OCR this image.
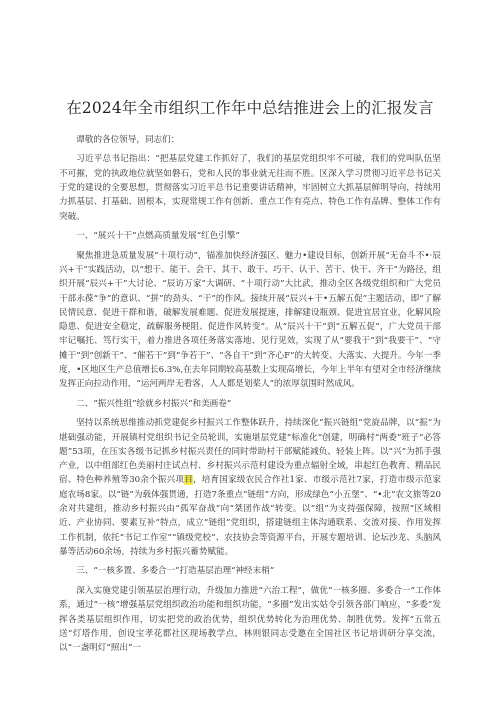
在2024年全市组织工作年中总结推进会上的汇报发言

谭敬的各位领导，同志们：

习近平总书记指出：“把基层党建工作抓好了，我们的基层党组织牢不可破，我们的党叫队伍坚不可摧，党的执政地位就坚如磐石，党和人民的事业就无往而不胜。区深入学习贯彻习近平总书记关于党的建设的全要思想，贯彻落实习近平总书记重要讲话精神，牢固树立大抓基层鲜明导向，持续用力抓基层、打基础、固根本，实现常规工作有创新、重点工作有亮点、特色工作有品牌、整体工作有突破。

一、“展兴十干”点燃高质量发展“红色引擎”

聚焦推进急质量发展“十项行动”，锚准加快经济强区、魅力•建设目标，创新开展“无奋斗不•·辰兴+干”实践活动，以“想干、能干、会干、其干、敢干、巧干、认干、苦干、快干、齐干”为路径，组织开展“辰兴+干”大讨论、“辰访万家”大调研、“十项行动”大比武，推动全区各级党组织和广大党员干部永葆“争”的意识、“拼”的劲头、“干”的作风。接续开展“辰兴+干•五解五促”主题活动，即“了解民情民意、促进干群和谐，破解发展难题、促进发展提速，排解建设瓶颈、促进宜居宜业，化解风险隐患、促进安全稳定，疏解服务梗阻、促进作风转变”。从“辰兴十干”到“五解五促”，广大党员干部牢记嘱托、笃行实干，着力推进各项任务落实落地、见行见效，实现了从“要我干”到“我要干”、“守摊干”到“创新干”、“催若干”到“争若干”、“各自干”到“齐心F”的大转变、大落实、大提升。今年一季度，•区地区生产总值增长6.3%,在去年同期较高基数上实现高增长，今年上半年有望对全市经济继续发挥正向拉动作用，“运河两岸无看客，人人都是划桨人”的浓厚氛围时然成风。

二、“振兴性组”绘就乡村振兴“和美画卷”

坚持以系统思维推动抓党建促乡村振兴工作整体跃升，持续深化“振兴链组”党旋品牌，以“振”为堪础强动能，开展镇村党组织书记全员轮训，实施堪层党建“标准化”创建，明确村“两委”班子“必答题”53项，在压实各级书记抓乡村振兴责任的同时带助村干部赋能减负、轻装上阵。以“兴”为抓手强产业，以中组部红色美丽村庄试点村、乡村振兴示范村建设为重点辐射全域，串起红色教育、精品民宿、特色种养殖等30余个振兴项目，培育国家级农民合作社1家、市级示范社7家，打造市级示范家庭农场8家。以“链”为载体强贯通，打造7条重点“链组”方向，形成绿色“小五堡”、“•北”农文旅等20余对共建组，推动乡村振兴由“孤军奋战”向“桀团作战”转变。以“组”为支持强保障，按照“区域相近、产业协同、要素互补”特点，成立“链组”党组织，搭建链组主体沟通联系、交流对接、作用发挥工作机制，依托“书记工作室”“镇级党校”、农技协会等资源平台，开展专题培训、论坛沙龙、头脑风暴等活动60余场，持续为乡村振兴蓄势赋能。

三、“一核多置、多委合一”打造基层治理“神经末梢”

深入实施党建引领基层治理行动，升级加力推进“六治工程”，做优“一核多圈、多委合一”工作体系，通过“一核”增强基层党组织政治功能和组织功能，“多圈”发出实姑令引领各部门响应，“多委”发挥各类基层组织作用，切实把党的政治优势，组织优势转化为治理优势、制胜优势。发挥“五常五送”灯塔作用，创设宝孝花都社区现场教学点，林则银同志受邀在全国社区书记培训研分享交流，以“一盏明灯”照出“一
